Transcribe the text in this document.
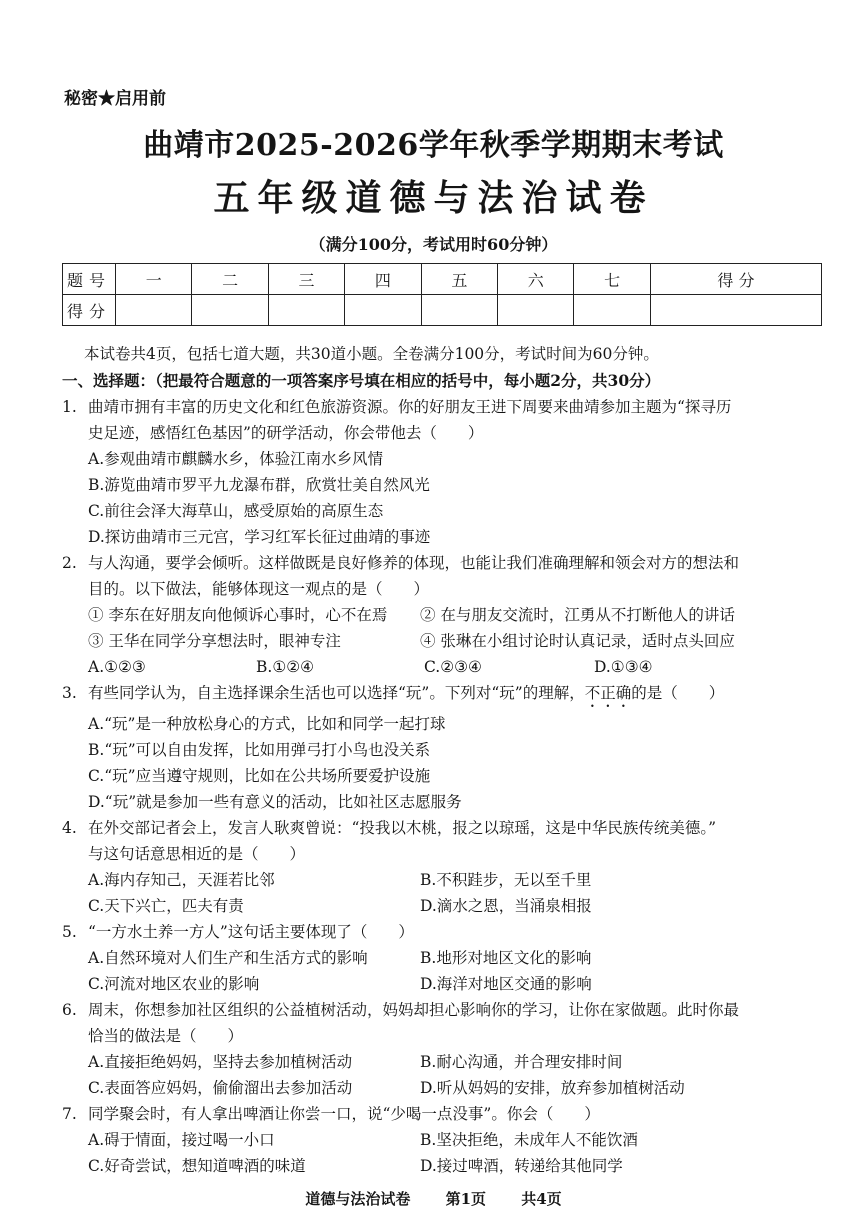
秘密★启用前
曲靖市2025-2026学年秋季学期期末考试
五年级道德与法治试卷
（满分100分，考试用时60分钟）
题号	一	二	三	四	五	六	七	得 分
得分								
本试卷共4页，包括七道大题，共30道小题。全卷满分100分，考试时间为60分钟。
一、选择题：（把最符合题意的一项答案序号填在相应的括号中，每小题2分，共30分）
1. 曲靖市拥有丰富的历史文化和红色旅游资源。你的好朋友王进下周要来曲靖参加主题为“探寻历
史足迹，感悟红色基因”的研学活动，你会带他去（　　）
A.参观曲靖市麒麟水乡，体验江南水乡风情
B.游览曲靖市罗平九龙瀑布群，欣赏壮美自然风光
C.前往会泽大海草山，感受原始的高原生态
D.探访曲靖市三元宫，学习红军长征过曲靖的事迹
2. 与人沟通，要学会倾听。这样做既是良好修养的体现，也能让我们准确理解和领会对方的想法和
目的。以下做法，能够体现这一观点的是（　　）
① 李东在好朋友向他倾诉心事时，心不在焉 ② 在与朋友交流时，江勇从不打断他人的讲话
③ 王华在同学分享想法时，眼神专注	④ 张琳在小组讨论时认真记录，适时点头回应
A.①②③	B.①②④	C.②③④	D.①③④
3. 有些同学认为，自主选择课余生活也可以选择“玩”。下列对“玩”的理解，不正确的是（　　）
A.“玩”是一种放松身心的方式，比如和同学一起打球
B.“玩”可以自由发挥，比如用弹弓打小鸟也没关系
C.“玩”应当遵守规则，比如在公共场所要爱护设施
D.“玩”就是参加一些有意义的活动，比如社区志愿服务
4. 在外交部记者会上，发言人耿爽曾说：“投我以木桃，报之以琼瑶，这是中华民族传统美德。”
与这句话意思相近的是（　　）
A.海内存知己，天涯若比邻	B.不积跬步，无以至千里
C.天下兴亡，匹夫有责	D.滴水之恩，当涌泉相报
5. “一方水土养一方人”这句话主要体现了（　　）
A.自然环境对人们生产和生活方式的影响	B.地形对地区文化的影响
C.河流对地区农业的影响	D.海洋对地区交通的影响
6. 周末，你想参加社区组织的公益植树活动，妈妈却担心影响你的学习，让你在家做题。此时你最
恰当的做法是（　　）
A.直接拒绝妈妈，坚持去参加植树活动	B.耐心沟通，并合理安排时间
C.表面答应妈妈，偷偷溜出去参加活动	D.听从妈妈的安排，放弃参加植树活动
7. 同学聚会时，有人拿出啤酒让你尝一口，说“少喝一点没事”。你会（　　）
A.碍于情面，接过喝一小口	B.坚决拒绝，未成年人不能饮酒
C.好奇尝试，想知道啤酒的味道	D.接过啤酒，转递给其他同学
道德与法治试卷 第1页 共4页
